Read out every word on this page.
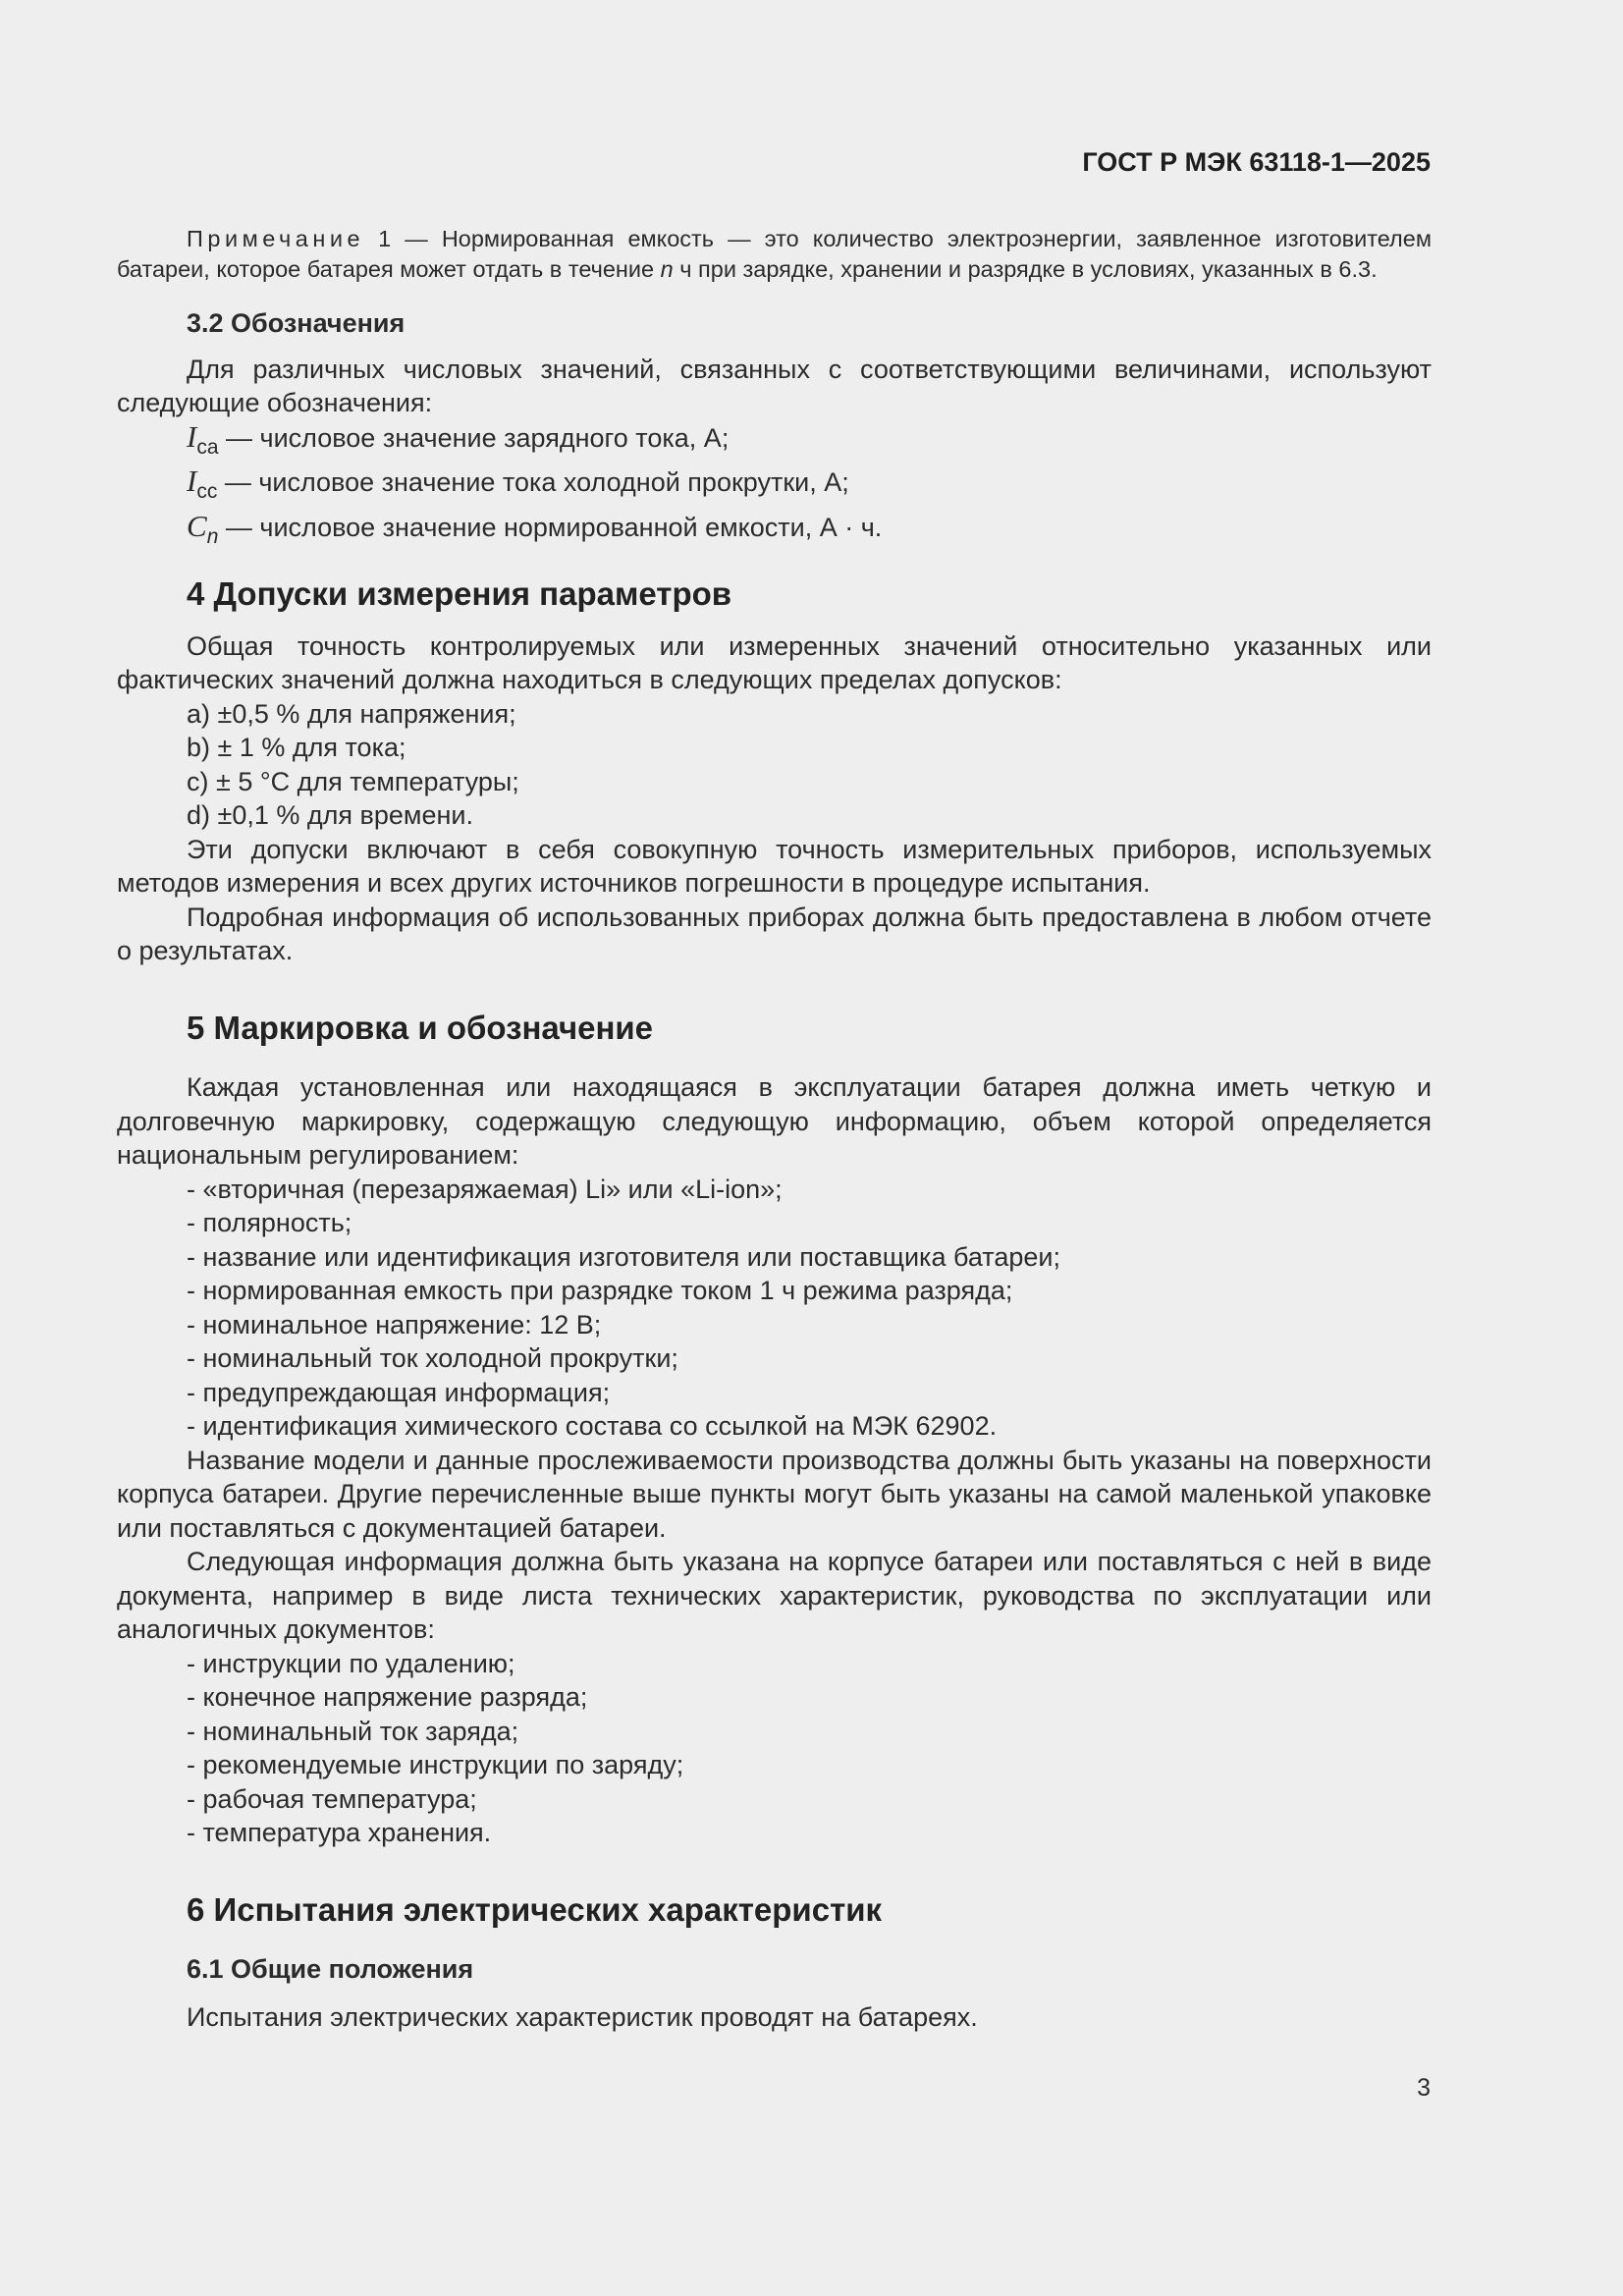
ГОСТ Р МЭК 63118-1—2025

Примечание 1 — Нормированная емкость — это количество электроэнергии, заявленное изготовителем батареи, которое батарея может отдать в течение n ч при зарядке, хранении и разрядке в условиях, указанных в 6.3.

3.2 Обозначения

Для различных числовых значений, связанных с соответствующими величинами, используют следующие обозначения:

$I_{ca}$ — числовое значение зарядного тока, А;

$I_{cc}$ — числовое значение тока холодной прокрутки, А;

$C_n$ — числовое значение нормированной емкости, А · ч.

4 Допуски измерения параметров

Общая точность контролируемых или измеренных значений относительно указанных или фактических значений должна находиться в следующих пределах допусков:

a) ±0,5 % для напряжения;

b) ± 1 % для тока;

c) ± 5 °С для температуры;

d) ±0,1 % для времени.

Эти допуски включают в себя совокупную точность измерительных приборов, используемых методов измерения и всех других источников погрешности в процедуре испытания.

Подробная информация об использованных приборах должна быть предоставлена в любом отчете о результатах.

5 Маркировка и обозначение

Каждая установленная или находящаяся в эксплуатации батарея должна иметь четкую и долговечную маркировку, содержащую следующую информацию, объем которой определяется национальным регулированием:

- «вторичная (перезаряжаемая) Li» или «Li-ion»;

- полярность;

- название или идентификация изготовителя или поставщика батареи;

- нормированная емкость при разрядке током 1 ч режима разряда;

- номинальное напряжение: 12 В;

- номинальный ток холодной прокрутки;

- предупреждающая информация;

- идентификация химического состава со ссылкой на МЭК 62902.

Название модели и данные прослеживаемости производства должны быть указаны на поверхности корпуса батареи. Другие перечисленные выше пункты могут быть указаны на самой маленькой упаковке или поставляться с документацией батареи.

Следующая информация должна быть указана на корпусе батареи или поставляться с ней в виде документа, например в виде листа технических характеристик, руководства по эксплуатации или аналогичных документов:

- инструкции по удалению;

- конечное напряжение разряда;

- номинальный ток заряда;

- рекомендуемые инструкции по заряду;

- рабочая температура;

- температура хранения.

6 Испытания электрических характеристик
6.1 Общие положения

Испытания электрических характеристик проводят на батареях.

3
